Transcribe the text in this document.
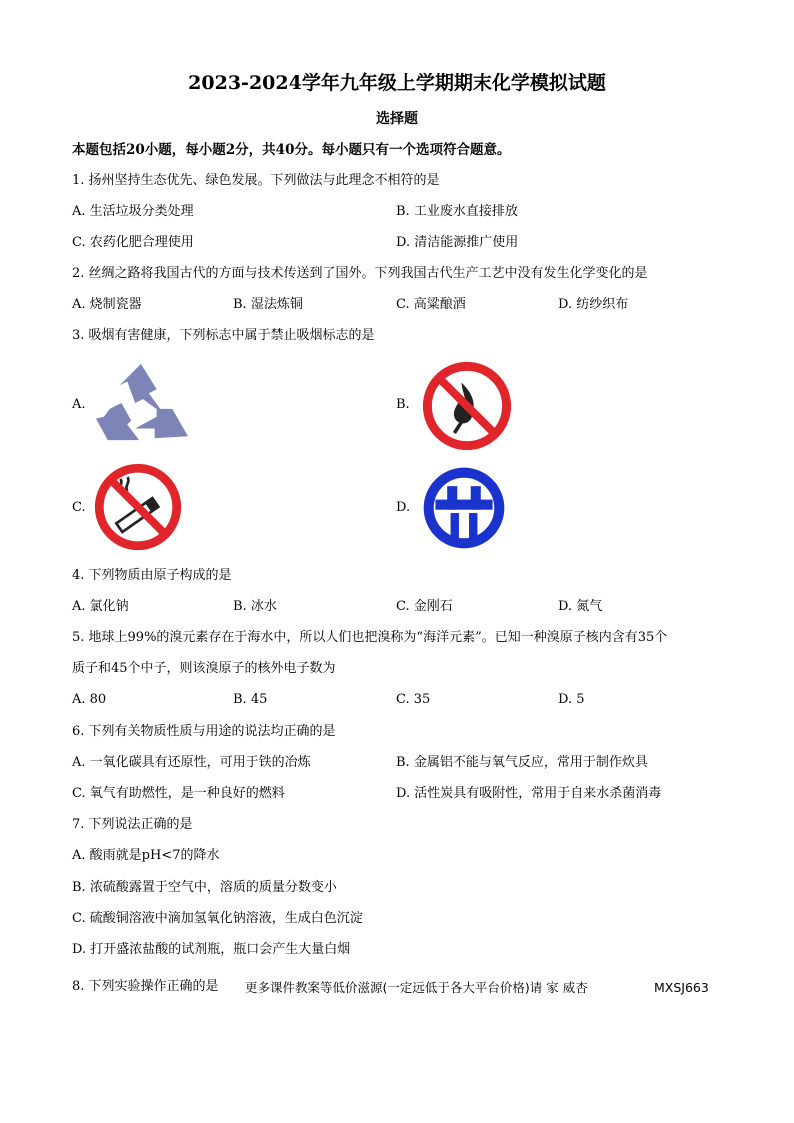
2023-2024学年九年级上学期期末化学模拟试题
选择题
本题包括20小题，每小题2分，共40分。每小题只有一个选项符合题意。
1. 扬州坚持生态优先、绿色发展。下列做法与此理念不相符的是
A. 生活垃圾分类处理	B. 工业废水直接排放
C. 农药化肥合理使用	D. 清洁能源推广使用
2. 丝绸之路将我国古代的方面与技术传送到了国外。下列我国古代生产工艺中没有发生化学变化的是
A. 烧制瓷器	B. 湿法炼铜	C. 高粱酿酒	D. 纺纱织布
3. 吸烟有害健康，下列标志中属于禁止吸烟标志的是
A.	B.
C.	D.
4. 下列物质由原子构成的是
A. 氯化钠	B. 冰水	C. 金刚石	D. 氮气
5. 地球上99%的溴元素存在于海水中，所以人们也把溴称为“海洋元素”。已知一种溴原子核内含有35个
质子和45个中子，则该溴原子的核外电子数为
A. 80	B. 45	C. 35	D. 5
6. 下列有关物质性质与用途的说法均正确的是
A. 一氧化碳具有还原性，可用于铁的冶炼	B. 金属铝不能与氧气反应，常用于制作炊具
C. 氧气有助燃性，是一种良好的燃料	D. 活性炭具有吸附性，常用于自来水杀菌消毒
7. 下列说法正确的是
A. 酸雨就是pH<7的降水
B. 浓硫酸露置于空气中，溶质的质量分数变小
C. 硫酸铜溶液中滴加氢氧化钠溶液，生成白色沉淀
D. 打开盛浓盐酸的试剂瓶，瓶口会产生大量白烟
8. 下列实验操作正确的是 更多课件教案等低价滋源(一定远低于各大平台价格)请 家 威杏	MXSJ663
